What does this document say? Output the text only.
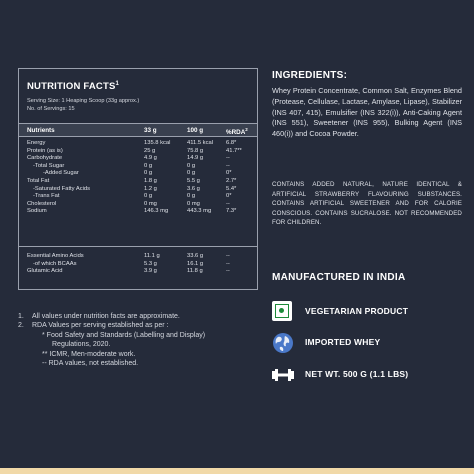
NUTRITION FACTS$^1$
Serving Size: 1 Heaping Scoop (33g approx.)
No. of Servings: 15
Nutrients	33 g	100 g	%RDA$^2$
Energy	135.8 kcal	411.5 kcal 6.8*
Protein (as is)	25 g	75.8 g	41.7**
Carbohydrate	4.9 g	14.9 g	--
-Total Sugar	0 g	0 g	--
-Added Sugar	0 g	0 g	0*
Total Fat	1.8 g	5.5 g	2.7*
-Saturated Fatty Acids	1.2 g	3.6 g	5.4*
-Trans Fat	0 g	0 g	0*
Cholesterol	0 mg	0 mg	--
Sodium	146.3 mg	443.3 mg	7.3*
Essential Amino Acids	11.1 g	33.6 g	--
-of which BCAAs	5.3 g	16.1 g	--
Glutamic Acid	3.9 g	11.8 g	--
1. All values under nutrition facts are approximate.
2. RDA Values per serving established as per :
* Food Safety and Standards (Labelling and Display)
Regulations, 2020.
** ICMR, Men-moderate work.
-- RDA values, not established.
INGREDIENTS:
Whey Protein Concentrate, Common Salt, Enzymes Blend (Protease, Cellulase, Lactase, Amylase, Lipase), Stabilizer (INS 407, 415), Emulsifier (INS 322(i)), Anti-Caking Agent (INS 551), Sweetener (INS 955), Bulking Agent (INS 460(i)) and Cocoa Powder.
CONTAINS ADDED NATURAL, NATURE IDENTICAL & ARTIFICIAL STRAWBERRY FLAVOURING SUBSTANCES. CONTAINS ARTIFICIAL SWEETENER AND FOR CALORIE CONSCIOUS. CONTAINS SUCRALOSE. NOT RECOMMENDED FOR CHILDREN.
MANUFACTURED IN INDIA
VEGETARIAN PRODUCT
IMPORTED WHEY
NET WT. 500 G (1.1 LBS)
